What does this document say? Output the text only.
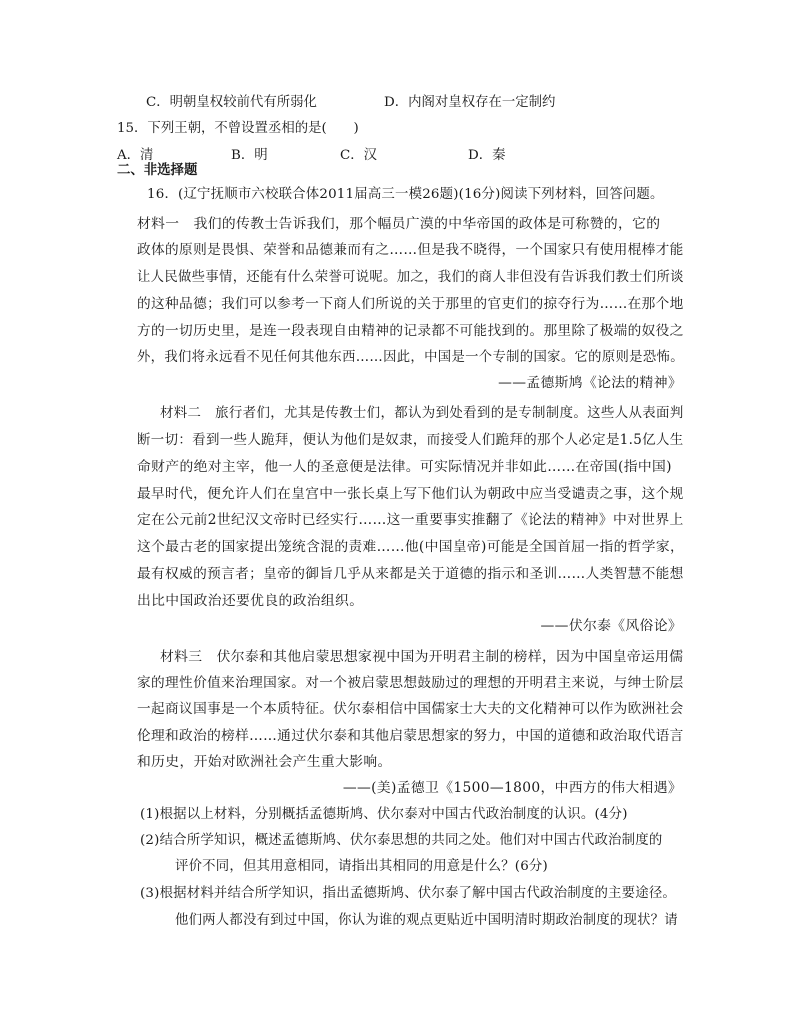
C．明朝皇权较前代有所弱化	D．内阁对皇权存在一定制约
15．下列王朝，不曾设置丞相的是(　　)
A．清	B．明	C．汉	D．秦
二、非选择题
16．(辽宁抚顺市六校联合体2011届高三一模26题)(16分)阅读下列材料，回答问题。
材料一　我们的传教士告诉我们，那个幅员广漠的中华帝国的政体是可称赞的，它的
政体的原则是畏惧、荣誉和品德兼而有之……但是我不晓得，一个国家只有使用棍棒才能
让人民做些事情，还能有什么荣誉可说呢。加之，我们的商人非但没有告诉我们教士们所谈
的这种品德；我们可以参考一下商人们所说的关于那里的官吏们的掠夺行为……在那个地
方的一切历史里，是连一段表现自由精神的记录都不可能找到的。那里除了极端的奴役之
外，我们将永远看不见任何其他东西……因此，中国是一个专制的国家。它的原则是恐怖。
——孟德斯鸠《论法的精神》
材料二　旅行者们，尤其是传教士们，都认为到处看到的是专制制度。这些人从表面判
断一切：看到一些人跪拜，便认为他们是奴隶，而接受人们跪拜的那个人必定是1.5亿人生
命财产的绝对主宰，他一人的圣意便是法律。可实际情况并非如此……在帝国(指中国)
最早时代，便允许人们在皇宫中一张长桌上写下他们认为朝政中应当受谴责之事，这个规
定在公元前2世纪汉文帝时已经实行……这一重要事实推翻了《论法的精神》中对世界上
这个最古老的国家提出笼统含混的责难……他(中国皇帝)可能是全国首屈一指的哲学家，
最有权威的预言者；皇帝的御旨几乎从来都是关于道德的指示和圣训……人类智慧不能想
出比中国政治还要优良的政治组织。
——伏尔泰《风俗论》
材料三　伏尔泰和其他启蒙思想家视中国为开明君主制的榜样，因为中国皇帝运用儒
家的理性价值来治理国家。对一个被启蒙思想鼓励过的理想的开明君主来说，与绅士阶层
一起商议国事是一个本质特征。伏尔泰相信中国儒家士大夫的文化精神可以作为欧洲社会
伦理和政治的榜样……通过伏尔泰和其他启蒙思想家的努力，中国的道德和政治取代语言
和历史，开始对欧洲社会产生重大影响。
——(美)孟德卫《1500—1800，中西方的伟大相遇》
(1)根据以上材料，分别概括孟德斯鸠、伏尔泰对中国古代政治制度的认识。(4分)
(2)结合所学知识，概述孟德斯鸠、伏尔泰思想的共同之处。他们对中国古代政治制度的
评价不同，但其用意相同，请指出其相同的用意是什么？(6分)
(3)根据材料并结合所学知识，指出孟德斯鸠、伏尔泰了解中国古代政治制度的主要途径。
他们两人都没有到过中国，你认为谁的观点更贴近中国明清时期政治制度的现状？请
